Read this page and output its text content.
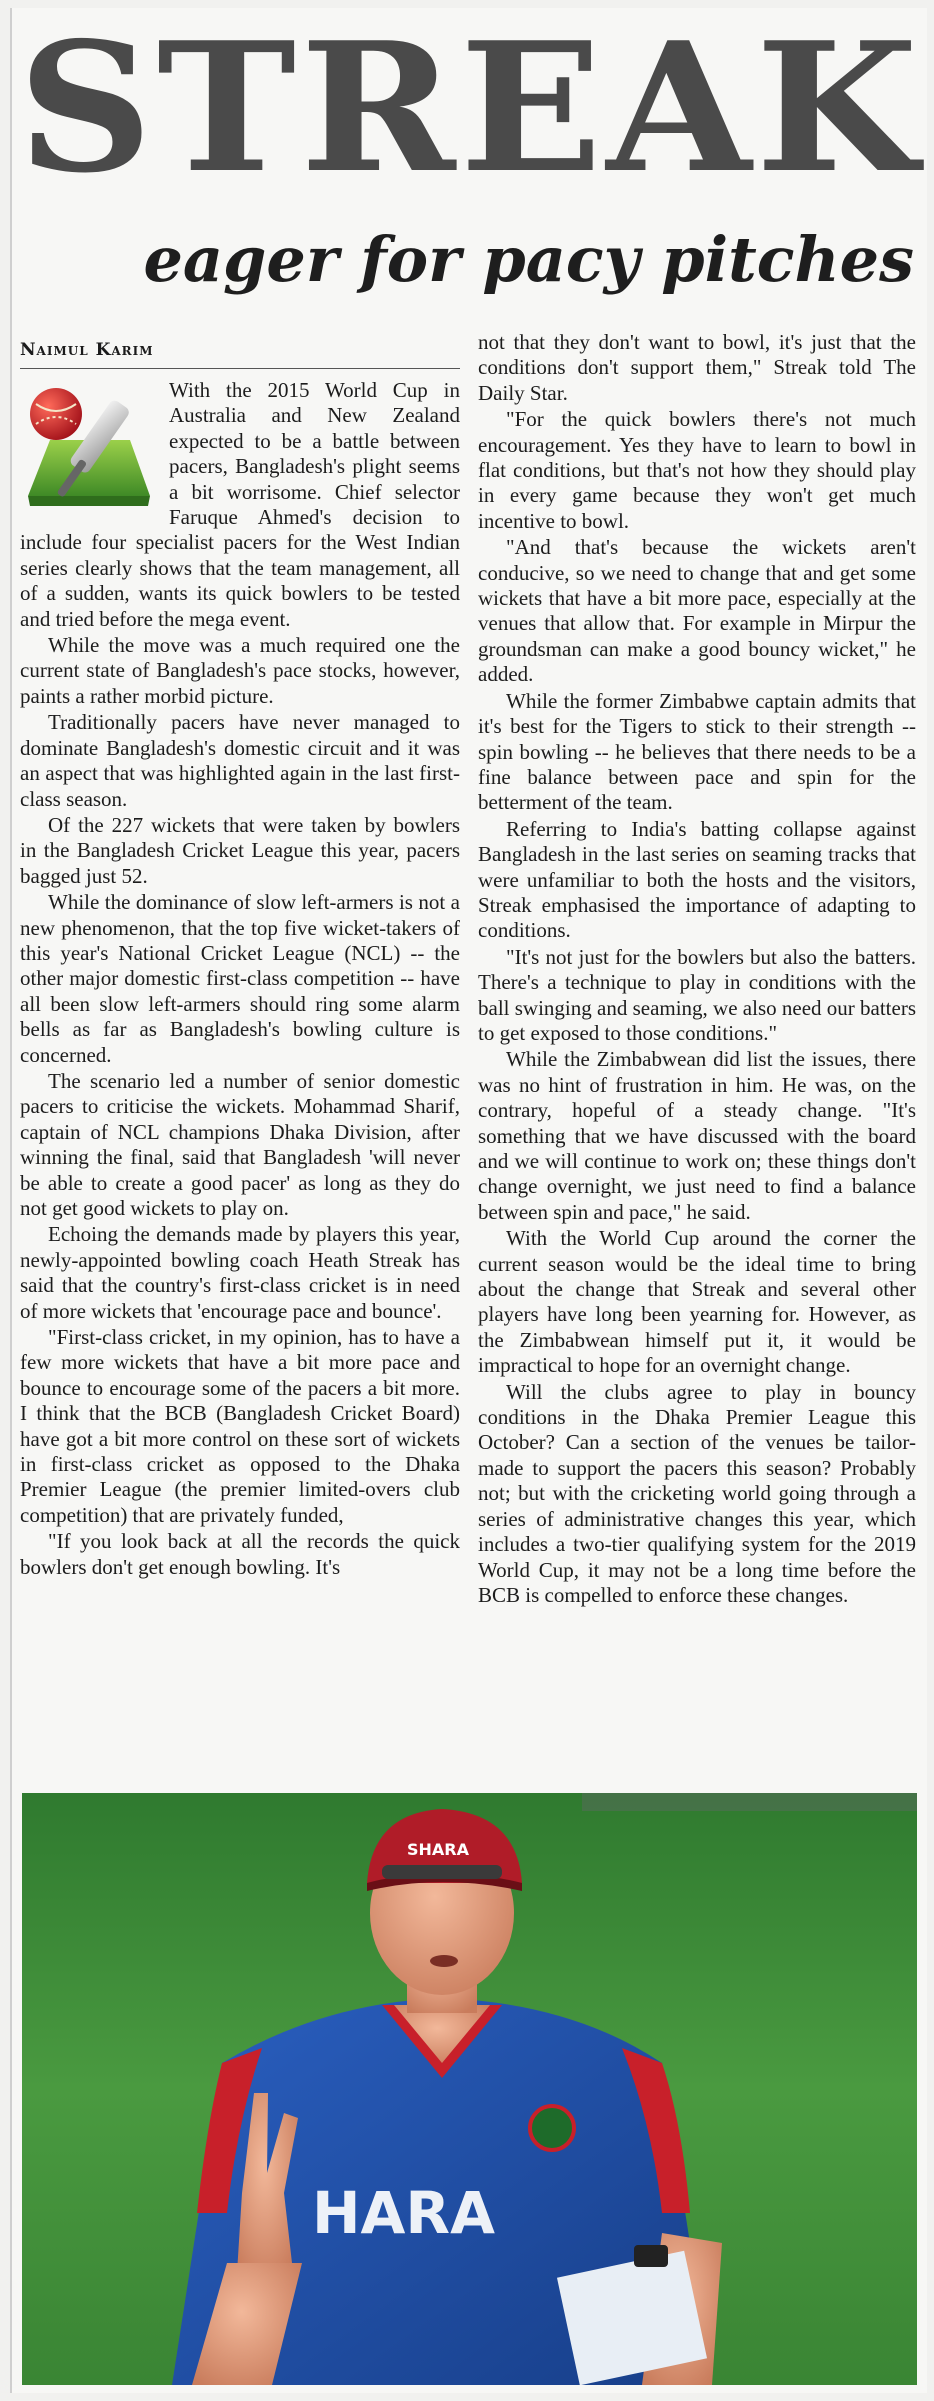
STREAK
eager for pacy pitches
Naimul Karim

With the 2015 World Cup in Australia and New Zealand expected to be a battle between pacers, Bangladesh's plight seems a bit worrisome. Chief selector Faruque Ahmed's decision to include four specialist pacers for the West Indian series clearly shows that the team management, all of a sudden, wants its quick bowlers to be tested and tried before the mega event.

While the move was a much required one the current state of Bangladesh's pace stocks, however, paints a rather morbid picture.

Traditionally pacers have never managed to dominate Bangladesh's domestic circuit and it was an aspect that was highlighted again in the last first-class season.

Of the 227 wickets that were taken by bowlers in the Bangladesh Cricket League this year, pacers bagged just 52.

While the dominance of slow left-armers is not a new phenomenon, that the top five wicket-takers of this year's National Cricket League (NCL) -- the other major domestic first-class competition -- have all been slow left-armers should ring some alarm bells as far as Bangladesh's bowling culture is concerned.

The scenario led a number of senior domestic pacers to criticise the wickets. Mohammad Sharif, captain of NCL champions Dhaka Division, after winning the final, said that Bangladesh 'will never be able to create a good pacer' as long as they do not get good wickets to play on.

Echoing the demands made by players this year, newly-appointed bowling coach Heath Streak has said that the country's first-class cricket is in need of more wickets that 'encourage pace and bounce'.

"First-class cricket, in my opinion, has to have a few more wickets that have a bit more pace and bounce to encourage some of the pacers a bit more. I think that the BCB (Bangladesh Cricket Board) have got a bit more control on these sort of wickets in first-class cricket as opposed to the Dhaka Premier League (the premier limited-overs club competition) that are privately funded,

"If you look back at all the records the quick bowlers don't get enough bowling. It's

not that they don't want to bowl, it's just that the conditions don't support them," Streak told The Daily Star.

"For the quick bowlers there's not much encouragement. Yes they have to learn to bowl in flat conditions, but that's not how they should play in every game because they won't get much incentive to bowl.

"And that's because the wickets aren't conducive, so we need to change that and get some wickets that have a bit more pace, especially at the venues that allow that. For example in Mirpur the groundsman can make a good bouncy wicket," he added.

While the former Zimbabwe captain admits that it's best for the Tigers to stick to their strength -- spin bowling -- he believes that there needs to be a fine balance between pace and spin for the betterment of the team.

Referring to India's batting collapse against Bangladesh in the last series on seaming tracks that were unfamiliar to both the hosts and the visitors, Streak emphasised the importance of adapting to conditions.

"It's not just for the bowlers but also the batters. There's a technique to play in conditions with the ball swinging and seaming, we also need our batters to get exposed to those conditions."

While the Zimbabwean did list the issues, there was no hint of frustration in him. He was, on the contrary, hopeful of a steady change. "It's something that we have discussed with the board and we will continue to work on; these things don't change overnight, we just need to find a balance between spin and pace," he said.

With the World Cup around the corner the current season would be the ideal time to bring about the change that Streak and several other players have long been yearning for. However, as the Zimbabwean himself put it, it would be impractical to hope for an overnight change.

Will the clubs agree to play in bouncy conditions in the Dhaka Premier League this October? Can a section of the venues be tailor-made to support the pacers this season? Probably not; but with the cricketing world going through a series of administrative changes this year, which includes a two-tier qualifying system for the 2019 World Cup, it may not be a long time before the BCB is compelled to enforce these changes.

SHARA
HARA
